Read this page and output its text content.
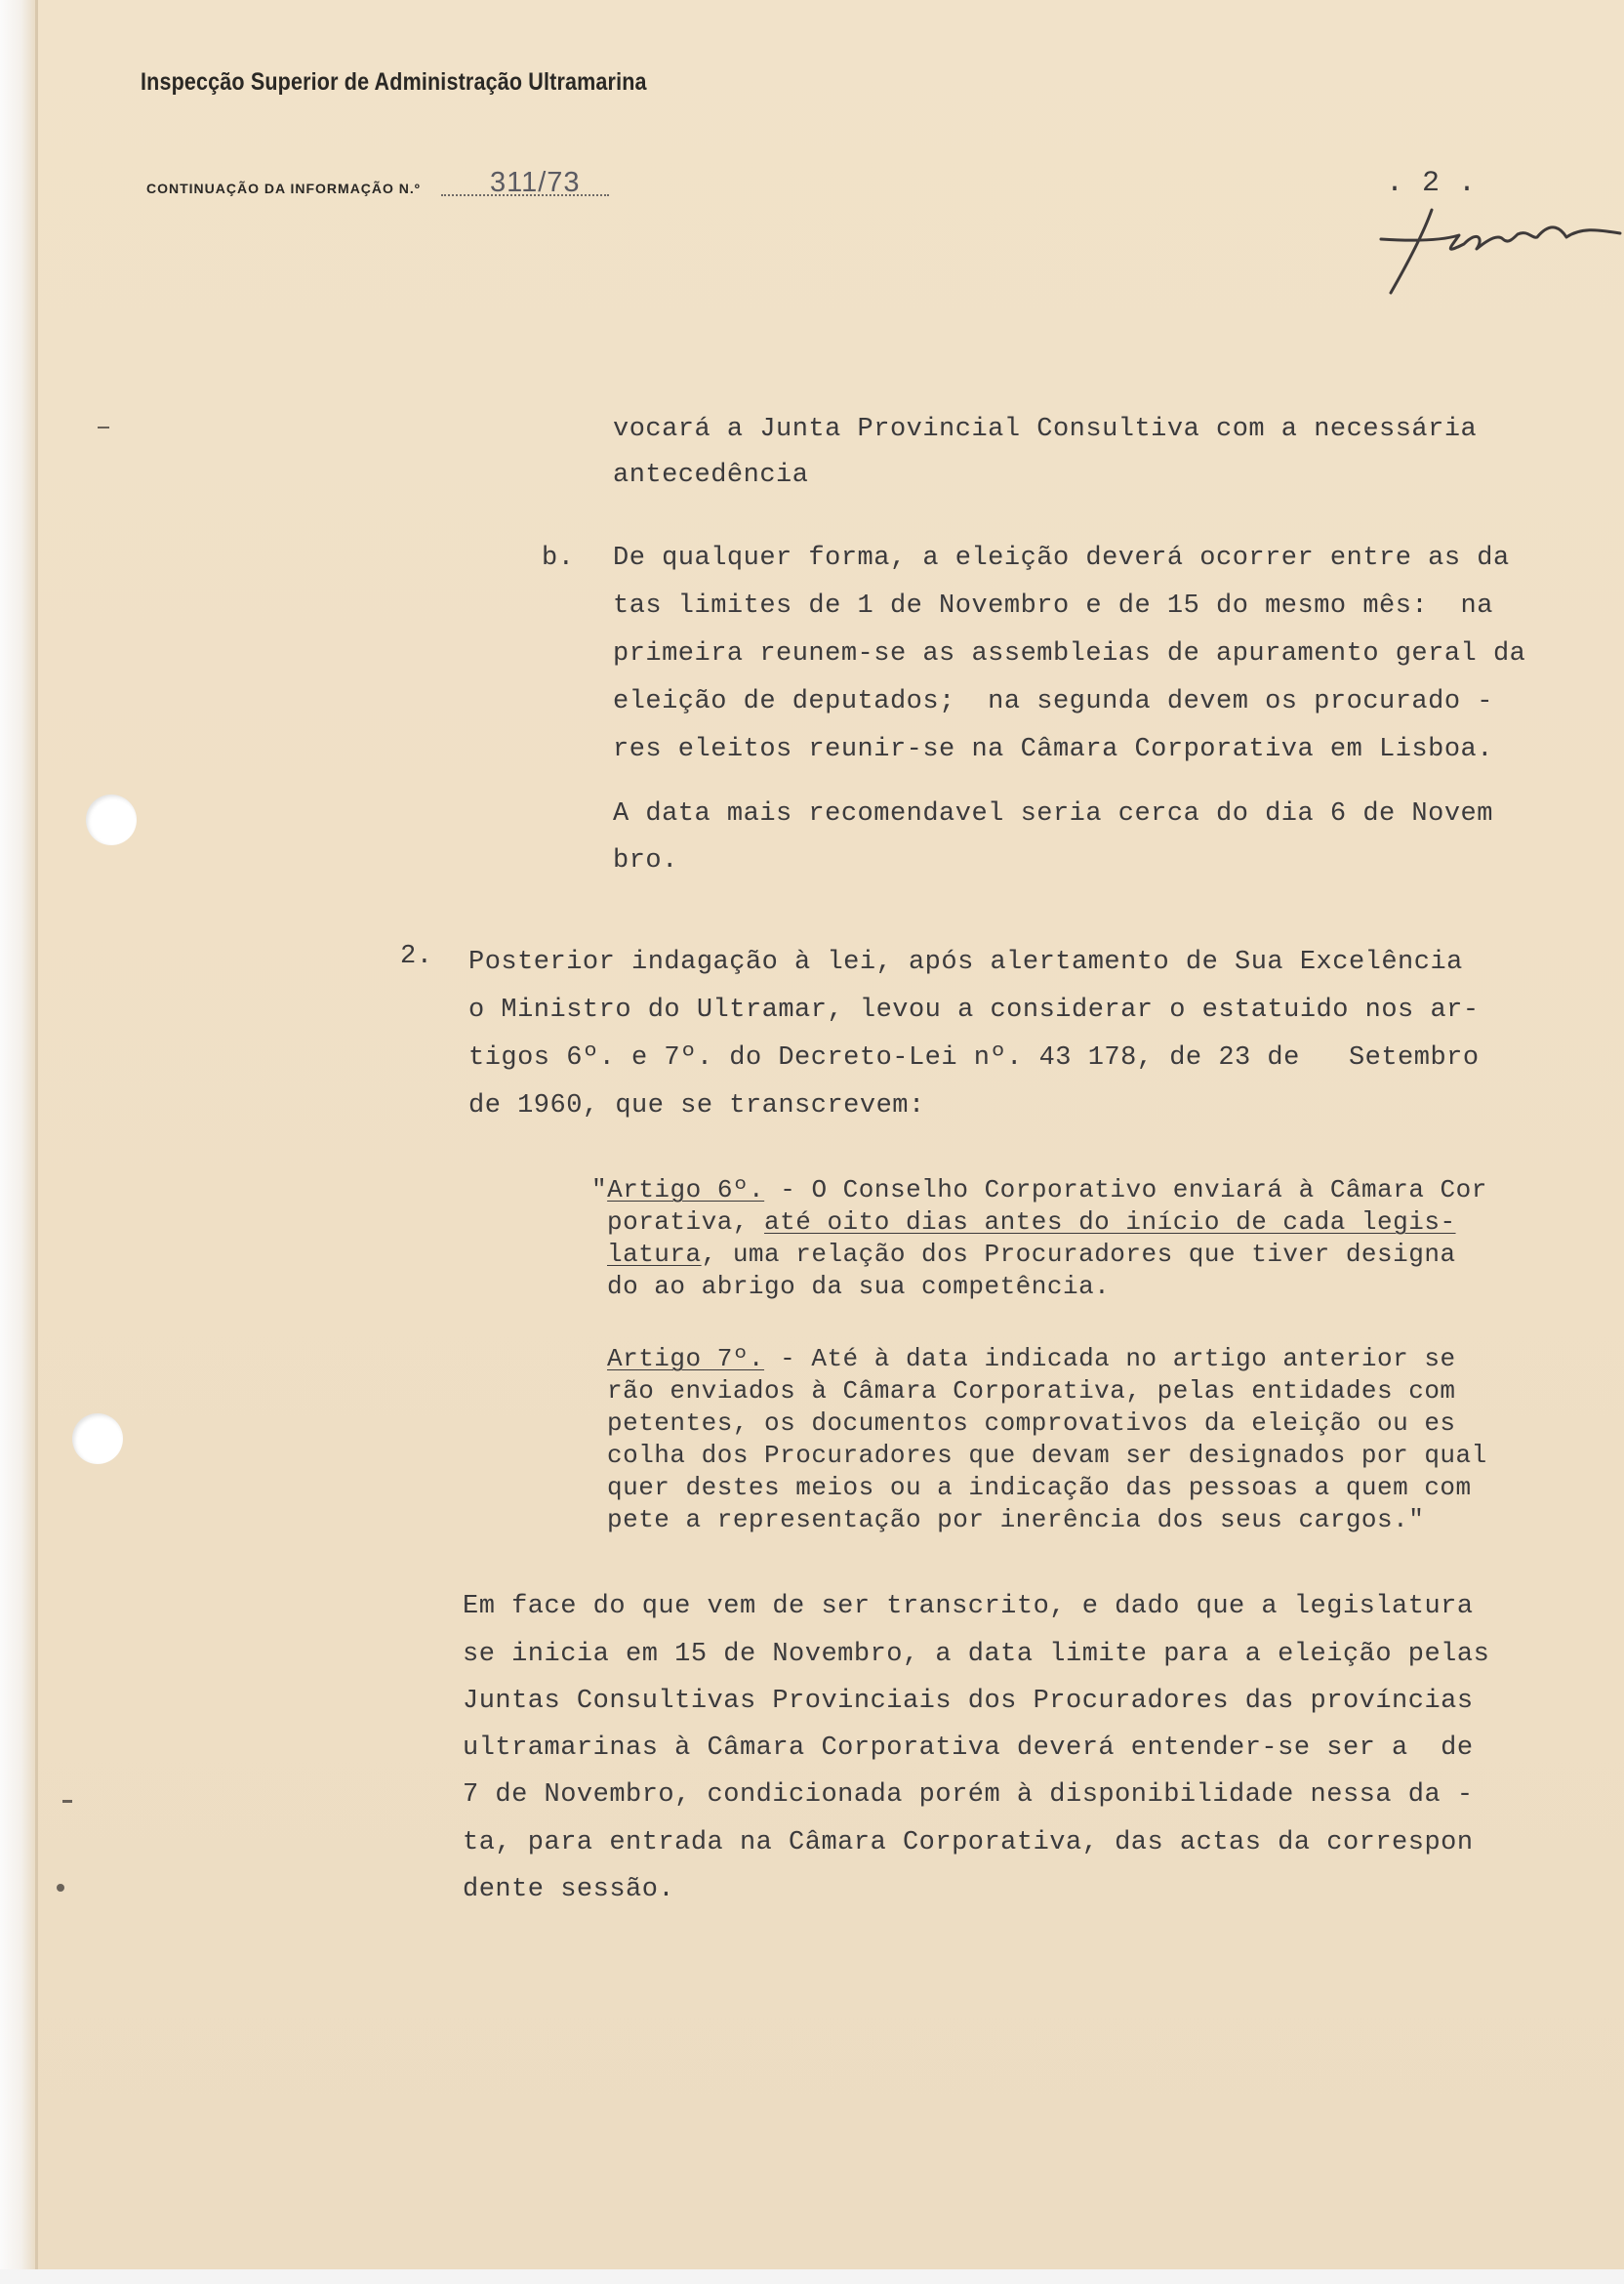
Inspecção Superior de Administração Ultramarina
CONTINUAÇÃO DA INFORMAÇÃO N.º 311/73	. 2 .
vocará a Junta Provincial Consultiva com a necessária
antecedência
b. De qualquer forma, a eleição deverá ocorrer entre as da
tas limites de 1 de Novembro e de 15 do mesmo mês:  na
primeira reunem-se as assembleias de apuramento geral da
eleição de deputados;  na segunda devem os procurado -
res eleitos reunir-se na Câmara Corporativa em Lisboa.
A data mais recomendavel seria cerca do dia 6 de Novem
bro.
2. Posterior indagação à lei, após alertamento de Sua Excelência
o Ministro do Ultramar, levou a considerar o estatuido nos ar-
tigos 6º. e 7º. do Decreto-Lei nº. 43 178, de 23 de   Setembro
de 1960, que se transcrevem:
"Artigo 6º. - O Conselho Corporativo enviará à Câmara Cor
porativa, até oito dias antes do início de cada legis-
latura, uma relação dos Procuradores que tiver designa
do ao abrigo da sua competência.
Artigo 7º. - Até à data indicada no artigo anterior se
rão enviados à Câmara Corporativa, pelas entidades com
petentes, os documentos comprovativos da eleição ou es
colha dos Procuradores que devam ser designados por qual
quer destes meios ou a indicação das pessoas a quem com
pete a representação por inerência dos seus cargos."
Em face do que vem de ser transcrito, e dado que a legislatura
se inicia em 15 de Novembro, a data limite para a eleição pelas
Juntas Consultivas Provinciais dos Procuradores das províncias
ultramarinas à Câmara Corporativa deverá entender-se ser a  de
7 de Novembro, condicionada porém à disponibilidade nessa da -
ta, para entrada na Câmara Corporativa, das actas da correspon
dente sessão.
